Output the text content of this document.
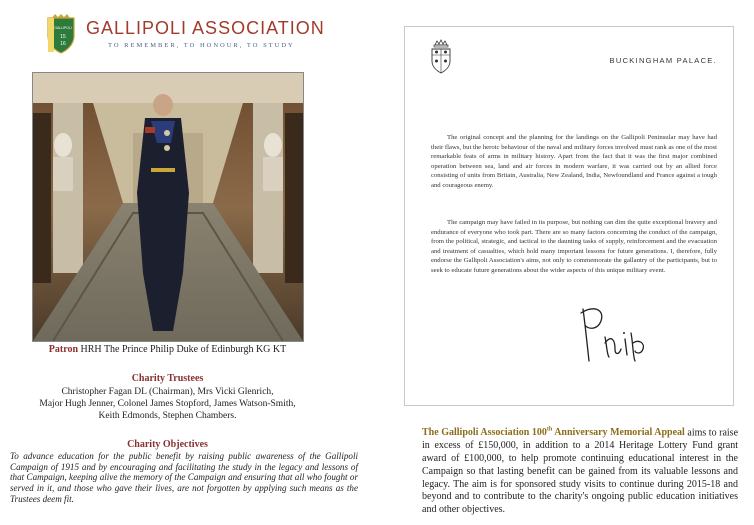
GALLIPOLI
15
16
GALLIPOLI ASSOCIATION
TO REMEMBER, TO HONOUR, TO STUDY
Patron HRH The Prince Philip Duke of Edinburgh KG KT
Charity Trustees
Christopher Fagan DL (Chairman), Mrs Vicki Glenrich,
Major Hugh Jenner, Colonel James Stopford, James Watson-Smith,
Keith Edmonds, Stephen Chambers.
Charity Objectives
To advance education for the public benefit by raising public awareness of the Gallipoli Campaign of 1915 and by encouraging and facilitating the study in the legacy and lessons of that Campaign, keeping alive the memory of the Campaign and ensuring that all who fought or served in it, and those who gave their lives, are not forgotten by applying such means as the Trustees deem fit.
BUCKINGHAM PALACE.
The original concept and the planning for the landings on the Gallipoli Peninsular may have had their flaws, but the heroic behaviour of the naval and military forces involved must rank as one of the most remarkable feats of arms in military history. Apart from the fact that it was the first major combined operation between sea, land and air forces in modern warfare, it was carried out by an allied force consisting of units from Britain, Australia, New Zealand, India, Newfoundland and France against a tough and courageous enemy.
The campaign may have failed in its purpose, but nothing can dim the quite exceptional bravery and endurance of everyone who took part. There are so many factors concerning the conduct of the campaign, from the political, strategic, and tactical to the daunting tasks of supply, reinforcement and the evacuation and treatment of casualties, which hold many important lessons for future generations. I, therefore, fully endorse the Gallipoli Association's aims, not only to commemorate the gallantry of the participants, but to seek to educate future generations about the wider aspects of this unique military event.
The Gallipoli Association 100th Anniversary Memorial Appeal aims to raise in excess of £150,000, in addition to a 2014 Heritage Lottery Fund grant award of £100,000, to help promote continuing educational interest in the Campaign so that lasting benefit can be gained from its valuable lessons and legacy. The aim is for sponsored study visits to continue during 2015-18 and beyond and to contribute to the charity's ongoing public education initiatives and other objectives.
